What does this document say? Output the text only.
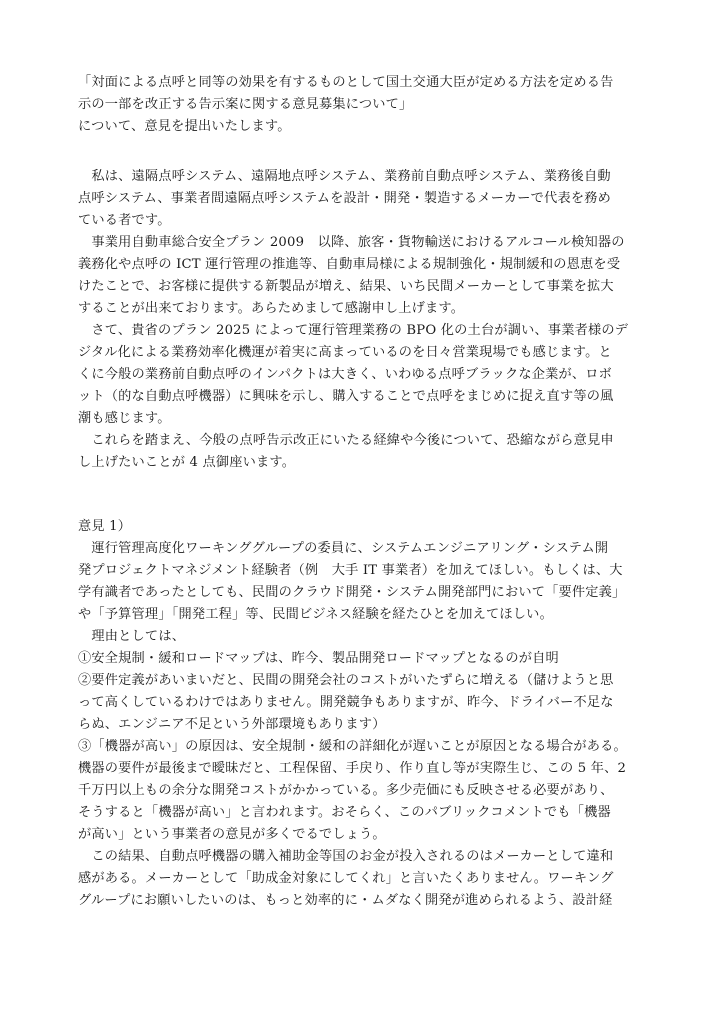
「対面による点呼と同等の効果を有するものとして国土交通大臣が定める方法を定める告
示の一部を改正する告示案に関する意見募集について」
について、意見を提出いたします。
　私は、遠隔点呼システム、遠隔地点呼システム、業務前自動点呼システム、業務後自動
点呼システム、事業者間遠隔点呼システムを設計・開発・製造するメーカーで代表を務め
ている者です。
　事業用自動車総合安全プラン 2009　以降、旅客・貨物輸送におけるアルコール検知器の
義務化や点呼の ICT 運行管理の推進等、自動車局様による規制強化・規制緩和の恩恵を受
けたことで、お客様に提供する新製品が増え、結果、いち民間メーカーとして事業を拡大
することが出来ております。あらためまして感謝申し上げます。
　さて、貴省のプラン 2025 によって運行管理業務の BPO 化の土台が調い、事業者様のデ
ジタル化による業務効率化機運が着実に高まっているのを日々営業現場でも感じます。と
くに今般の業務前自動点呼のインパクトは大きく、いわゆる点呼ブラックな企業が、ロボ
ット（的な自動点呼機器）に興味を示し、購入することで点呼をまじめに捉え直す等の風
潮も感じます。
　これらを踏まえ、今般の点呼告示改正にいたる経緯や今後について、恐縮ながら意見申
し上げたいことが 4 点御座います。
意見 1）
　運行管理高度化ワーキンググループの委員に、システムエンジニアリング・システム開
発プロジェクトマネジメント経験者（例　大手 IT 事業者）を加えてほしい。もしくは、大
学有識者であったとしても、民間のクラウド開発・システム開発部門において「要件定義」
や「予算管理」「開発工程」等、民間ビジネス経験を経たひとを加えてほしい。
　理由としては、
①安全規制・緩和ロードマップは、昨今、製品開発ロードマップとなるのが自明
②要件定義があいまいだと、民間の開発会社のコストがいたずらに増える（儲けようと思
って高くしているわけではありません。開発競争もありますが、昨今、ドライバー不足な
らぬ、エンジニア不足という外部環境もあります）
③「機器が高い」の原因は、安全規制・緩和の詳細化が遅いことが原因となる場合がある。
機器の要件が最後まで曖昧だと、工程保留、手戻り、作り直し等が実際生じ、この 5 年、2
千万円以上もの余分な開発コストがかかっている。多少売価にも反映させる必要があり、
そうすると「機器が高い」と言われます。おそらく、このパブリックコメントでも「機器
が高い」という事業者の意見が多くでるでしょう。
　この結果、自動点呼機器の購入補助金等国のお金が投入されるのはメーカーとして違和
感がある。メーカーとして「助成金対象にしてくれ」と言いたくありません。ワーキング
グループにお願いしたいのは、もっと効率的に・ムダなく開発が進められるよう、設計経
